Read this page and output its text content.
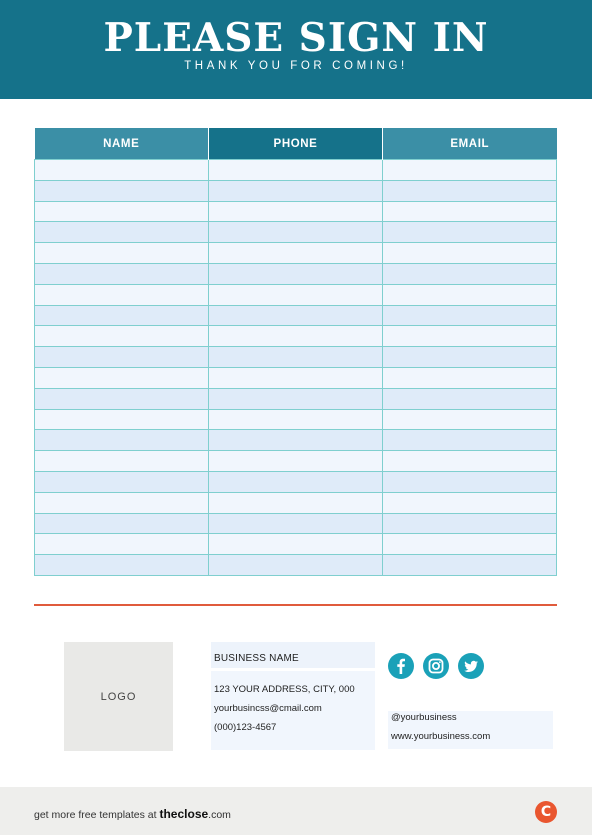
PLEASE SIGN IN
THANK YOU FOR COMING!
NAME	PHONE	EMAIL

LOGO
BUSINESS NAME
123 YOUR ADDRESS, CITY, 000
yourbusincss@cmail.com
(000)123-4567
@yourbusiness
www.yourbusiness.com
get more free templates at theclose.com	C
